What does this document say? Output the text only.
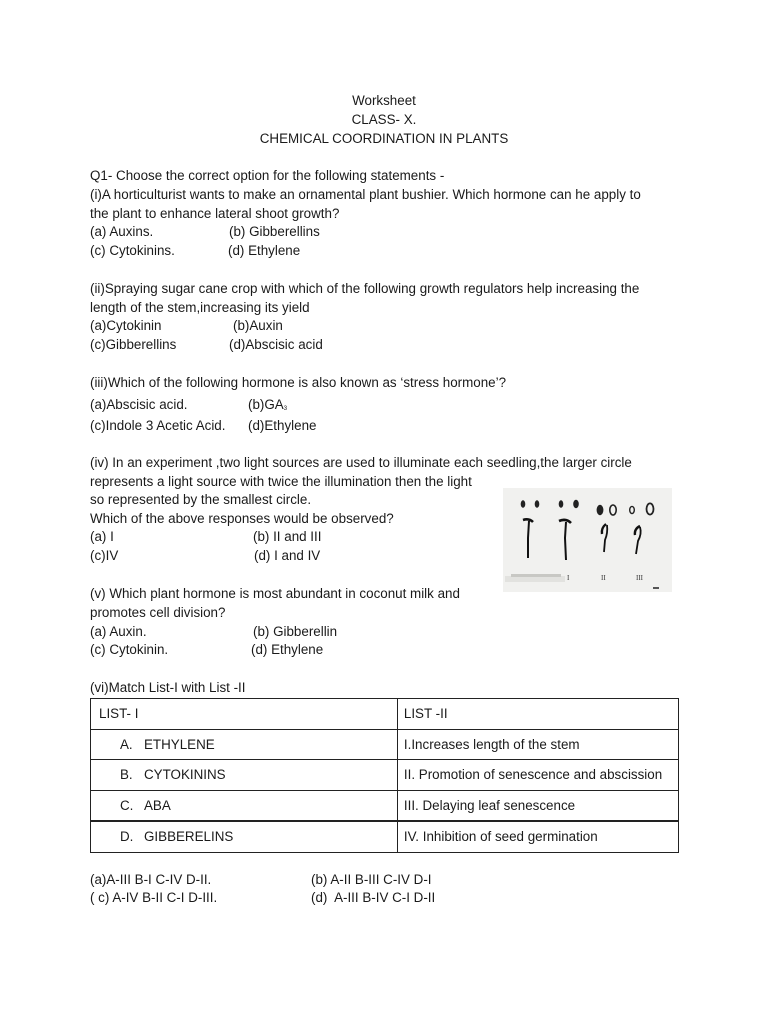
Worksheet
CLASS- X.
CHEMICAL COORDINATION IN PLANTS
Q1- Choose the correct option for the following statements -
(i)A horticulturist wants to make an ornamental plant bushier. Which hormone can he apply to
the plant to enhance lateral shoot growth?
(a) Auxins.	(b) Gibberellins
(c) Cytokinins.	(d) Ethylene
(ii)Spraying sugar cane crop with which of the following growth regulators help increasing the
length of the stem,increasing its yield
(a)Cytokinin	(b)Auxin
(c)Gibberellins	(d)Abscisic acid
(iii)Which of the following hormone is also known as ‘stress hormone’?
(a)Abscisic acid.	$(b)GA_3$
(c)Indole 3 Acetic Acid. (d)Ethylene
(iv) In an experiment ,two light sources are used to illuminate each seedling,the larger circle
represents a light source with twice the illumination then the light
so represented by the smallest circle.
Which of the above responses would be observed?
(a) I	(b) II and III
(c)IV	(d) I and IV
I	II	III
IV
(v) Which plant hormone is most abundant in coconut milk and
promotes cell division?
(a) Auxin.	(b) Gibberellin
(c) Cytokinin.	(d) Ethylene
(vi)Match List-I with List -II
LIST- I	LIST -II
A. ETHYLENE	I.Increases length of the stem
B. CYTOKININS	II. Promotion of senescence and abscission
C. ABA	III. Delaying leaf senescence
D. GIBBERELINS	IV. Inhibition of seed germination
(a)A-III B-I C-IV D-II.	(b) A-II B-III C-IV D-I
( c) A-IV B-II C-I D-III.	(d)  A-III B-IV C-I D-II
